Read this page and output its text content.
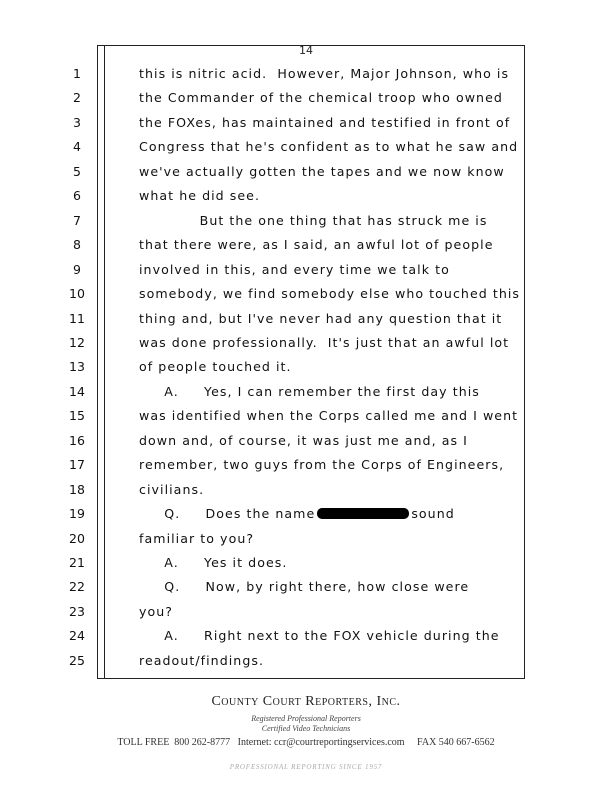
14
1	this is nitric acid.  However, Major Johnson, who is
2	the Commander of the chemical troop who owned
3	the FOXes, has maintained and testified in front of
4	Congress that he's confident as to what he saw and
5	we've actually gotten the tapes and we now know
6	what he did see.
7	But the one thing that has struck me is
8	that there were, as I said, an awful lot of people
9	involved in this, and every time we talk to
10	somebody, we find somebody else who touched this
11	thing and, but I've never had any question that it
12	was done professionally.  It's just that an awful lot
13	of people touched it.
14	A.     Yes, I can remember the first day this
15	was identified when the Corps called me and I went
16	down and, of course, it was just me and, as I
17	remember, two guys from the Corps of Engineers,
18	civilians.
19	Q.     Does the name	sound
20	familiar to you?
21	A.     Yes it does.
22	Q.     Now, by right there, how close were
23	you?
24	A.     Right next to the FOX vehicle during the
25	readout/findings.
County Court Reporters, Inc.
Registered Professional Reporters
Certified Video Technicians
TOLL FREE  800 262-8777   Internet: ccr@courtreportingservices.com     FAX 540 667-6562
PROFESSIONAL REPORTING SINCE 1957
